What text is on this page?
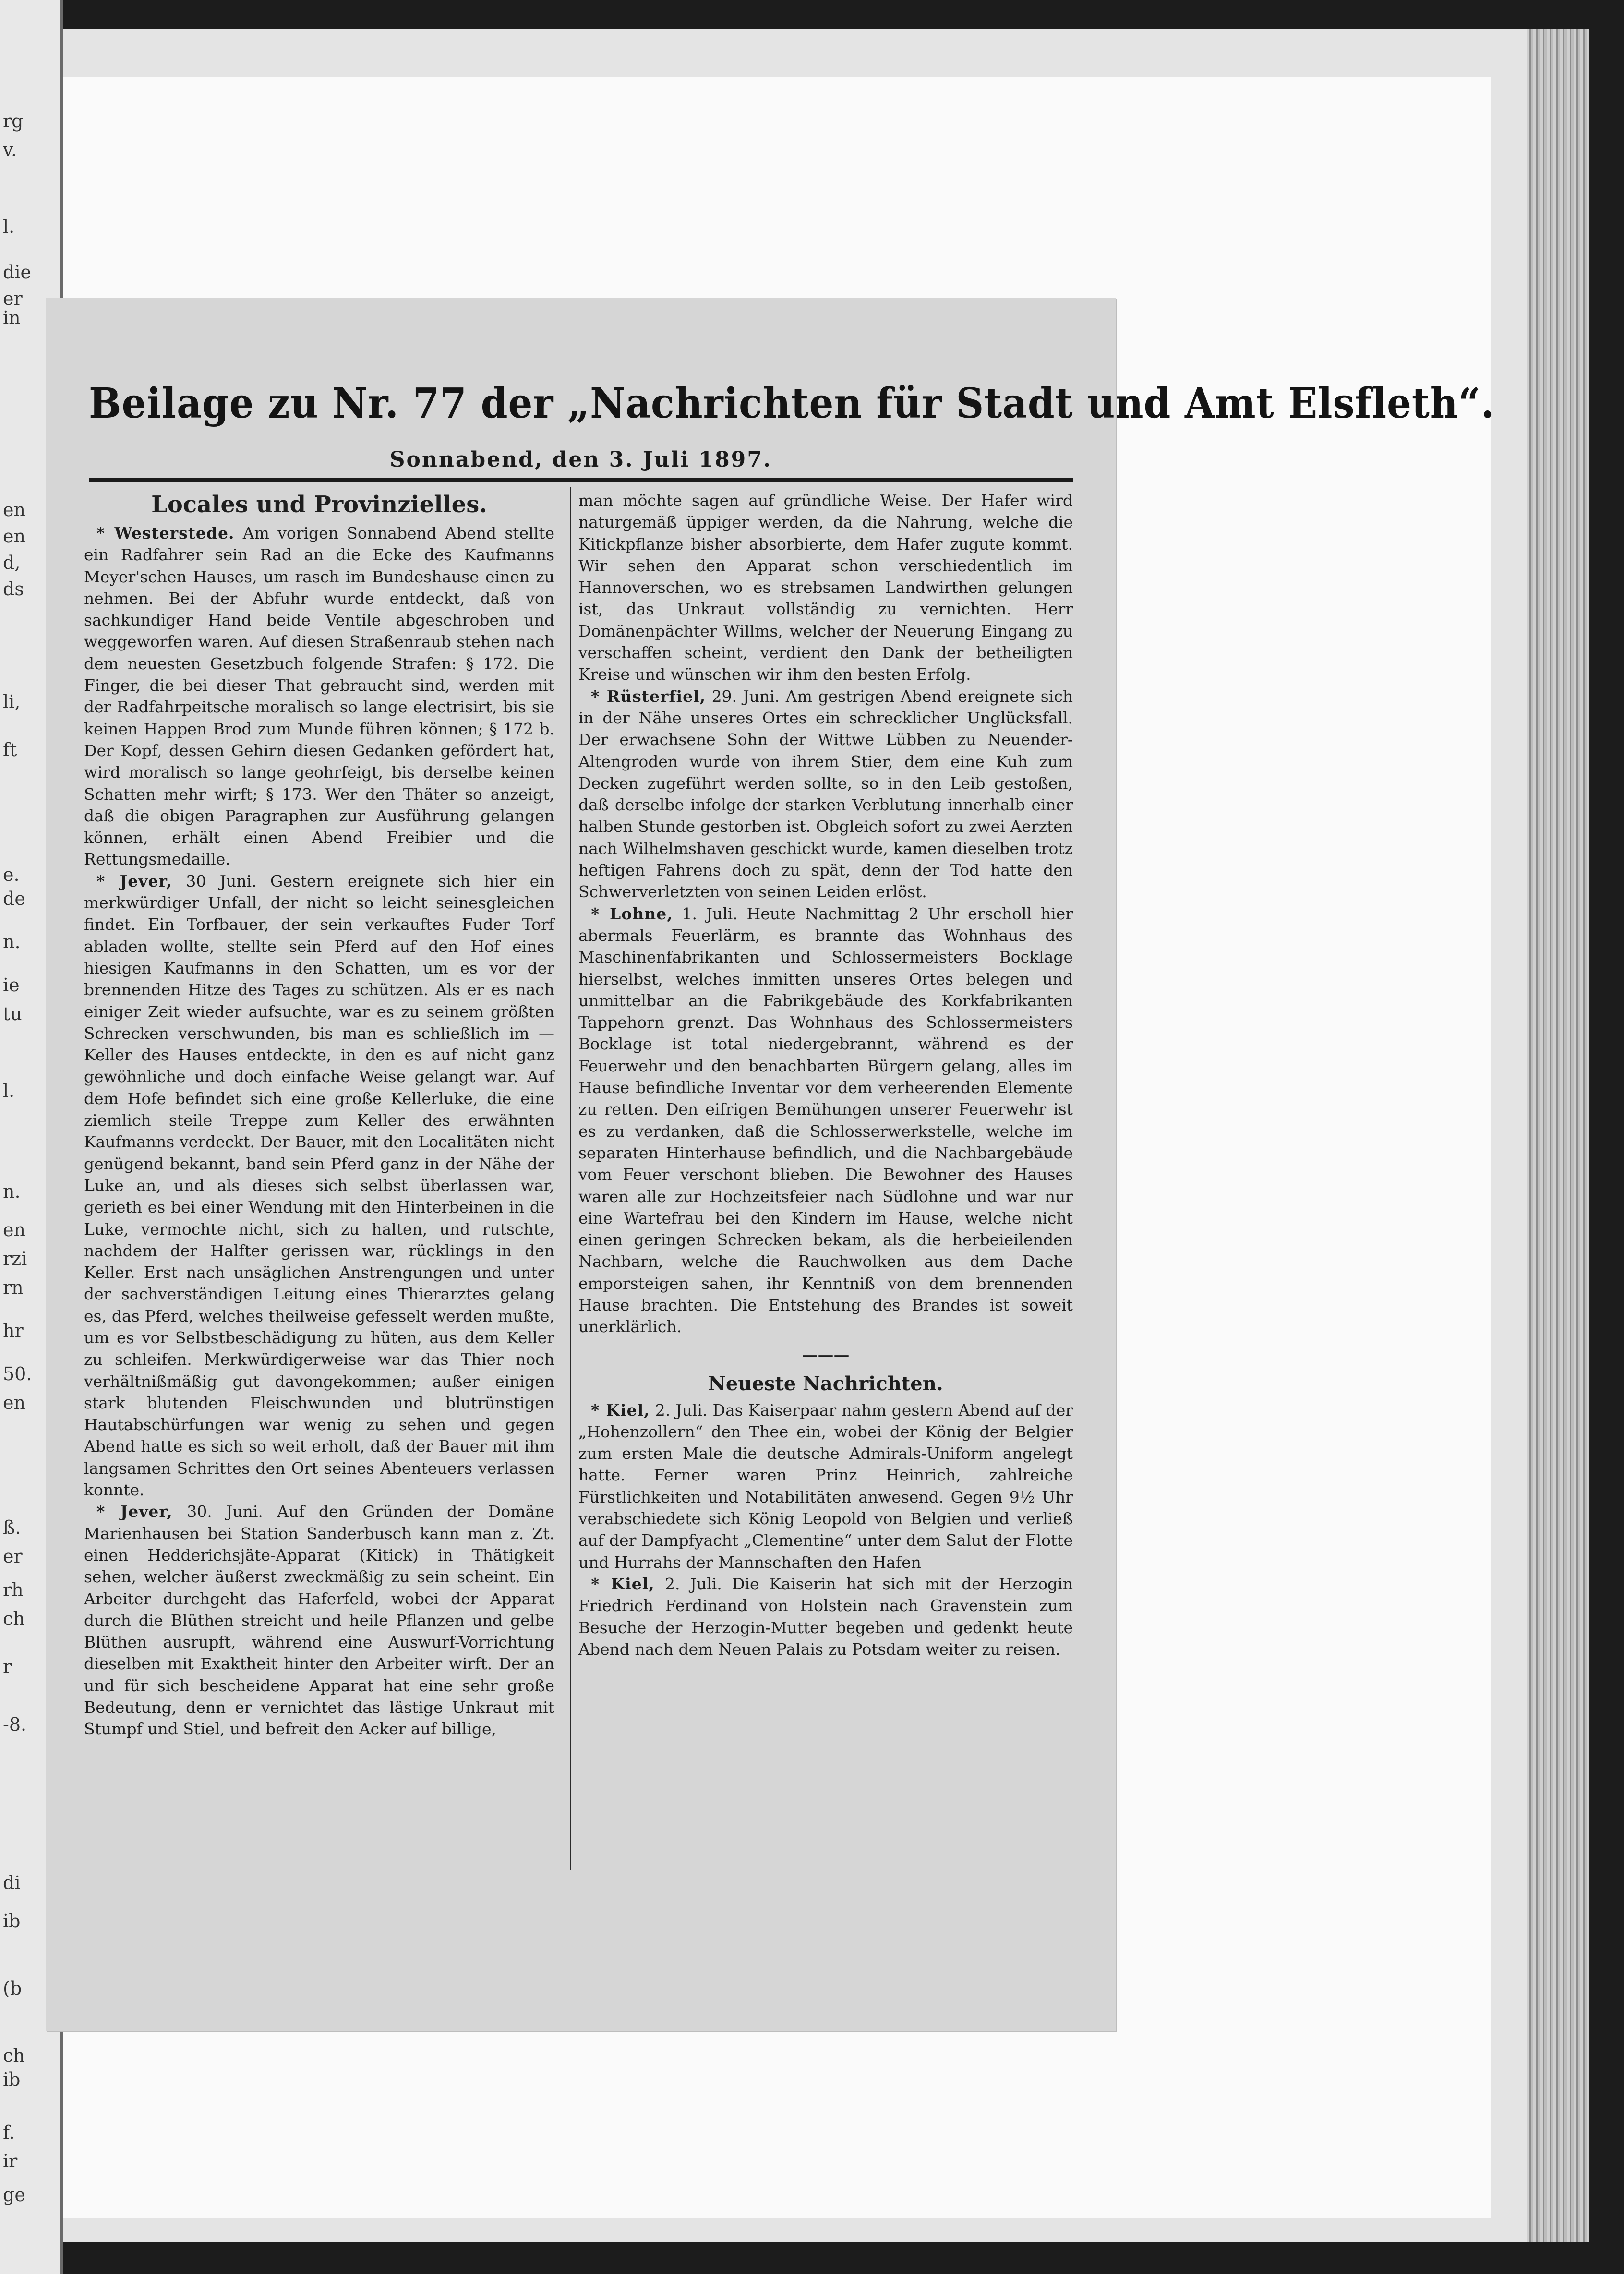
rg
v.
l.
die
er
in
en
en
d,
ds
li,
ft
e.
de
n.
ie
tu
l.
n.
en
rzi
rn
hr
50.
en
ß.
er
rh
ch
r
-8.
di
ib
(b
ch
ib
f.
ir
ge
Beilage zu Nr. 77 der „Nachrichten für Stadt und Amt Elsfleth“.
Sonnabend, den 3. Juli 1897.

Locales und Provinzielles.

* Westerstede. Am vorigen Sonnabend Abend stellte ein Radfahrer sein Rad an die Ecke des Kaufmanns Meyer'schen Hauses, um rasch im Bundeshause einen zu nehmen. Bei der Abfuhr wurde entdeckt, daß von sachkundiger Hand beide Ventile abgeschroben und weggeworfen waren. Auf diesen Straßenraub stehen nach dem neuesten Gesetzbuch folgende Strafen: § 172. Die Finger, die bei dieser That gebraucht sind, werden mit der Radfahrpeitsche moralisch so lange electrisirt, bis sie keinen Happen Brod zum Munde führen können; § 172 b. Der Kopf, dessen Gehirn diesen Gedanken gefördert hat, wird moralisch so lange geohrfeigt, bis derselbe keinen Schatten mehr wirft; § 173. Wer den Thäter so anzeigt, daß die obigen Paragraphen zur Ausführung gelangen können, erhält einen Abend Freibier und die Rettungsmedaille.

* Jever, 30 Juni. Gestern ereignete sich hier ein merkwürdiger Unfall, der nicht so leicht seinesgleichen findet. Ein Torfbauer, der sein verkauftes Fuder Torf abladen wollte, stellte sein Pferd auf den Hof eines hiesigen Kaufmanns in den Schatten, um es vor der brennenden Hitze des Tages zu schützen. Als er es nach einiger Zeit wieder aufsuchte, war es zu seinem größten Schrecken verschwunden, bis man es schließlich im — Keller des Hauses entdeckte, in den es auf nicht ganz gewöhnliche und doch einfache Weise gelangt war. Auf dem Hofe befindet sich eine große Kellerluke, die eine ziemlich steile Treppe zum Keller des erwähnten Kaufmanns verdeckt. Der Bauer, mit den Localitäten nicht genügend bekannt, band sein Pferd ganz in der Nähe der Luke an, und als dieses sich selbst überlassen war, gerieth es bei einer Wendung mit den Hinterbeinen in die Luke, vermochte nicht, sich zu halten, und rutschte, nachdem der Halfter gerissen war, rücklings in den Keller. Erst nach unsäglichen Anstrengungen und unter der sachverständigen Leitung eines Thierarztes gelang es, das Pferd, welches theilweise gefesselt werden mußte, um es vor Selbstbeschädigung zu hüten, aus dem Keller zu schleifen. Merkwürdigerweise war das Thier noch verhältnißmäßig gut davongekommen; außer einigen stark blutenden Fleischwunden und blutrünstigen Hautabschürfungen war wenig zu sehen und gegen Abend hatte es sich so weit erholt, daß der Bauer mit ihm langsamen Schrittes den Ort seines Abenteuers verlassen konnte.

* Jever, 30. Juni. Auf den Gründen der Domäne Marienhausen bei Station Sanderbusch kann man z. Zt. einen Hedderichsjäte-Apparat (Kitick) in Thätigkeit sehen, welcher äußerst zweckmäßig zu sein scheint. Ein Arbeiter durchgeht das Haferfeld, wobei der Apparat durch die Blüthen streicht und heile Pflanzen und gelbe Blüthen ausrupft, während eine Auswurf-Vorrichtung dieselben mit Exaktheit hinter den Arbeiter wirft. Der an und für sich bescheidene Apparat hat eine sehr große Bedeutung, denn er vernichtet das lästige Unkraut mit Stumpf und Stiel, und befreit den Acker auf billige,

man möchte sagen auf gründliche Weise. Der Hafer wird naturgemäß üppiger werden, da die Nahrung, welche die Kitickpflanze bisher absorbierte, dem Hafer zugute kommt. Wir sehen den Apparat schon verschiedentlich im Hannoverschen, wo es strebsamen Landwirthen gelungen ist, das Unkraut vollständig zu vernichten. Herr Domänenpächter Willms, welcher der Neuerung Eingang zu verschaffen scheint, verdient den Dank der betheiligten Kreise und wünschen wir ihm den besten Erfolg.

* Rüsterfiel, 29. Juni. Am gestrigen Abend ereignete sich in der Nähe unseres Ortes ein schrecklicher Unglücksfall. Der erwachsene Sohn der Wittwe Lübben zu Neuender-Altengroden wurde von ihrem Stier, dem eine Kuh zum Decken zugeführt werden sollte, so in den Leib gestoßen, daß derselbe infolge der starken Verblutung innerhalb einer halben Stunde gestorben ist. Obgleich sofort zu zwei Aerzten nach Wilhelmshaven geschickt wurde, kamen dieselben trotz heftigen Fahrens doch zu spät, denn der Tod hatte den Schwerverletzten von seinen Leiden erlöst.

* Lohne, 1. Juli. Heute Nachmittag 2 Uhr erscholl hier abermals Feuerlärm, es brannte das Wohnhaus des Maschinenfabrikanten und Schlossermeisters Bocklage hierselbst, welches inmitten unseres Ortes belegen und unmittelbar an die Fabrikgebäude des Korkfabrikanten Tappehorn grenzt. Das Wohnhaus des Schlossermeisters Bocklage ist total niedergebrannt, während es der Feuerwehr und den benachbarten Bürgern gelang, alles im Hause befindliche Inventar vor dem verheerenden Elemente zu retten. Den eifrigen Bemühungen unserer Feuerwehr ist es zu verdanken, daß die Schlosserwerkstelle, welche im separaten Hinterhause befindlich, und die Nachbargebäude vom Feuer verschont blieben. Die Bewohner des Hauses waren alle zur Hochzeitsfeier nach Südlohne und war nur eine Wartefrau bei den Kindern im Hause, welche nicht einen geringen Schrecken bekam, als die herbeieilenden Nachbarn, welche die Rauchwolken aus dem Dache emporsteigen sahen, ihr Kenntniß von dem brennenden Hause brachten. Die Entstehung des Brandes ist soweit unerklärlich.

———

Neueste Nachrichten.

* Kiel, 2. Juli. Das Kaiserpaar nahm gestern Abend auf der „Hohenzollern“ den Thee ein, wobei der König der Belgier zum ersten Male die deutsche Admirals-Uniform angelegt hatte. Ferner waren Prinz Heinrich, zahlreiche Fürstlichkeiten und Notabilitäten anwesend. Gegen 9½ Uhr verabschiedete sich König Leopold von Belgien und verließ auf der Dampfyacht „Clementine“ unter dem Salut der Flotte und Hurrahs der Mannschaften den Hafen

* Kiel, 2. Juli. Die Kaiserin hat sich mit der Herzogin Friedrich Ferdinand von Holstein nach Gravenstein zum Besuche der Herzogin-Mutter begeben und gedenkt heute Abend nach dem Neuen Palais zu Potsdam weiter zu reisen.
